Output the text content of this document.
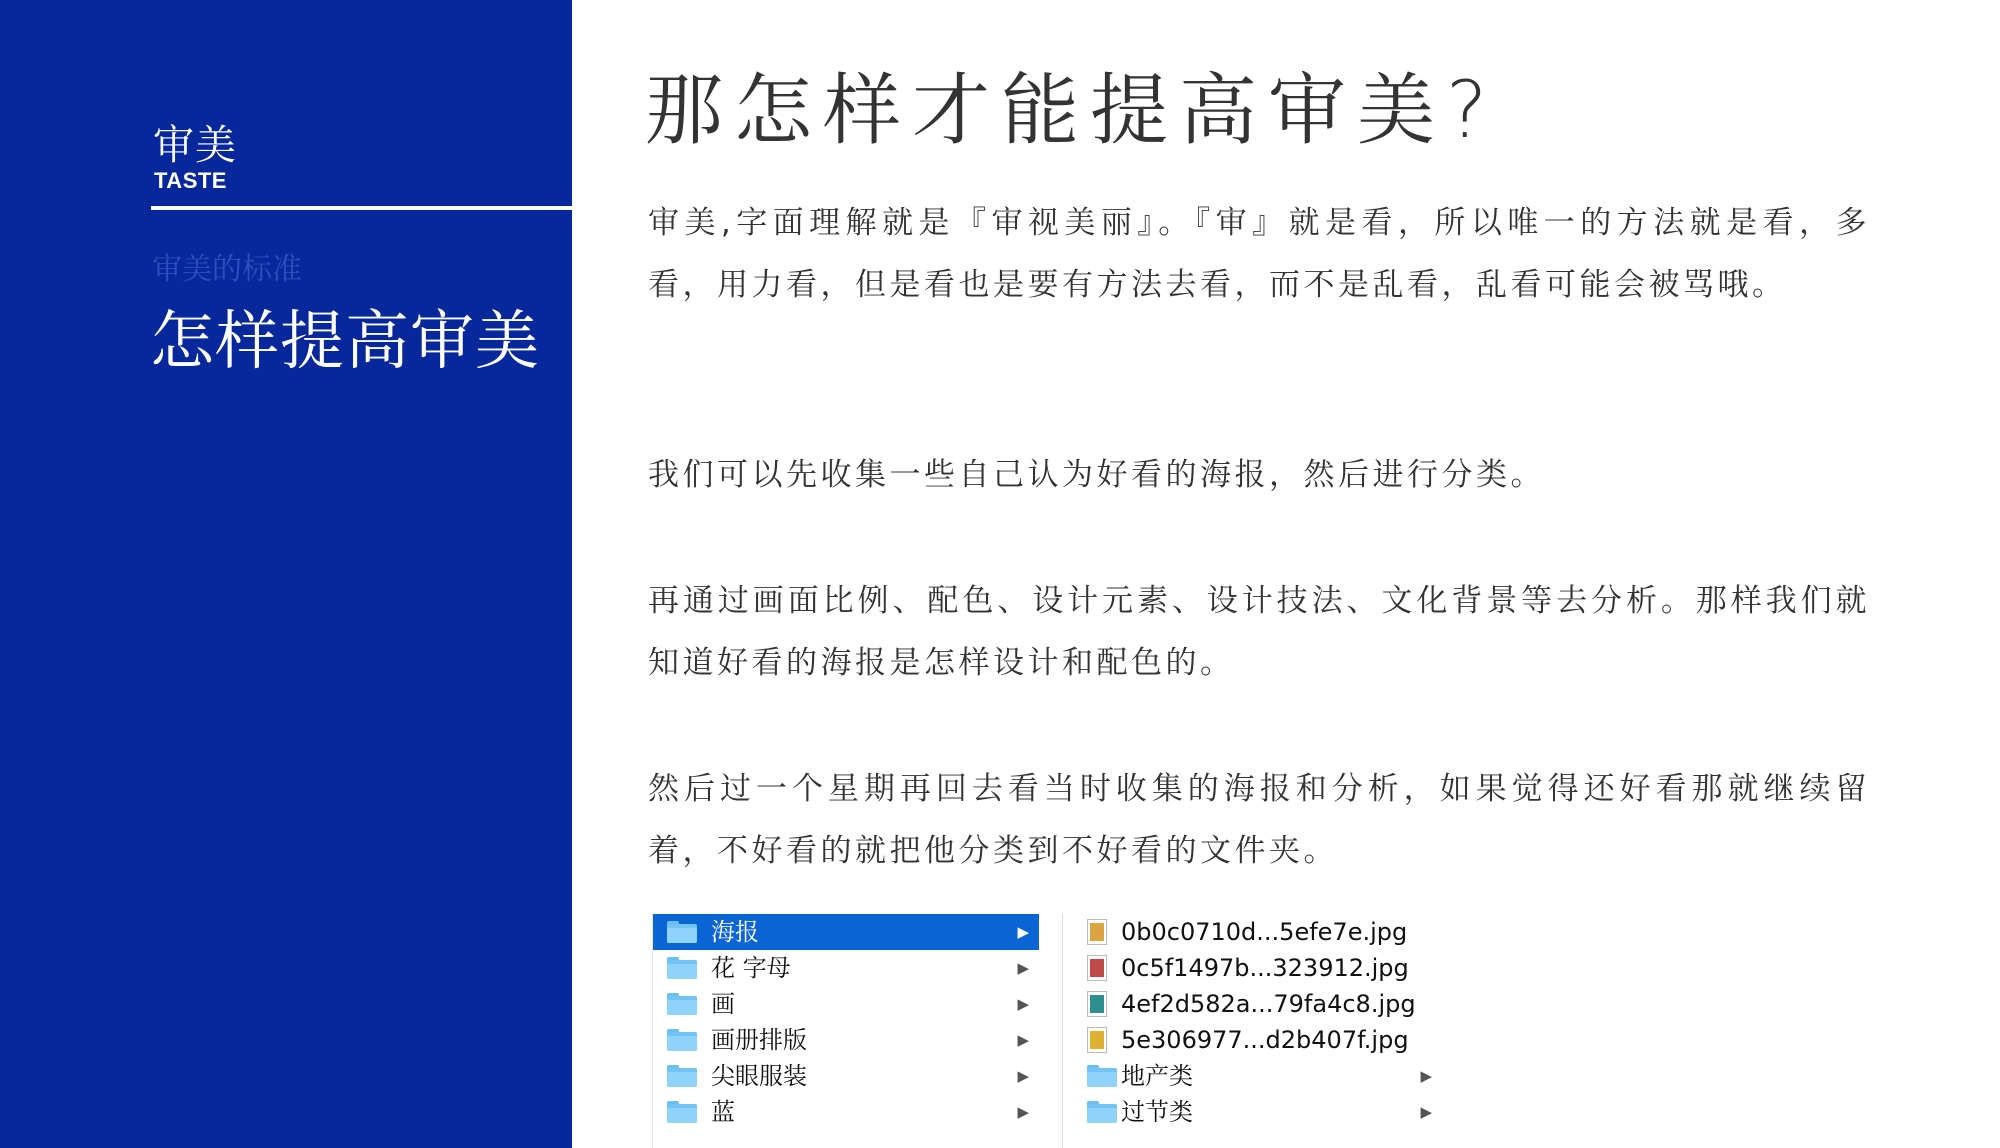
审美
TASTE
审美的标准
怎样提高审美
那怎样才能提高审美?
审美,字面理解就是『审视美丽』。『审』就是看，所以唯一的方法就是看，多看，用力看，但是看也是要有方法去看，而不是乱看，乱看可能会被骂哦。
我们可以先收集一些自己认为好看的海报，然后进行分类。
再通过画面比例、配色、设计元素、设计技法、文化背景等去分析。那样我们就知道好看的海报是怎样设计和配色的。
然后过一个星期再回去看当时收集的海报和分析，如果觉得还好看那就继续留着，不好看的就把他分类到不好看的文件夹。
海报	▶
花 字母	▶
画	▶
画册排版	▶
尖眼服装	▶
蓝	▶
0b0c0710d...5efe7e.jpg
0c5f1497b...323912.jpg
4ef2d582a...79fa4c8.jpg
5e306977...d2b407f.jpg
地产类	▶
过节类	▶
